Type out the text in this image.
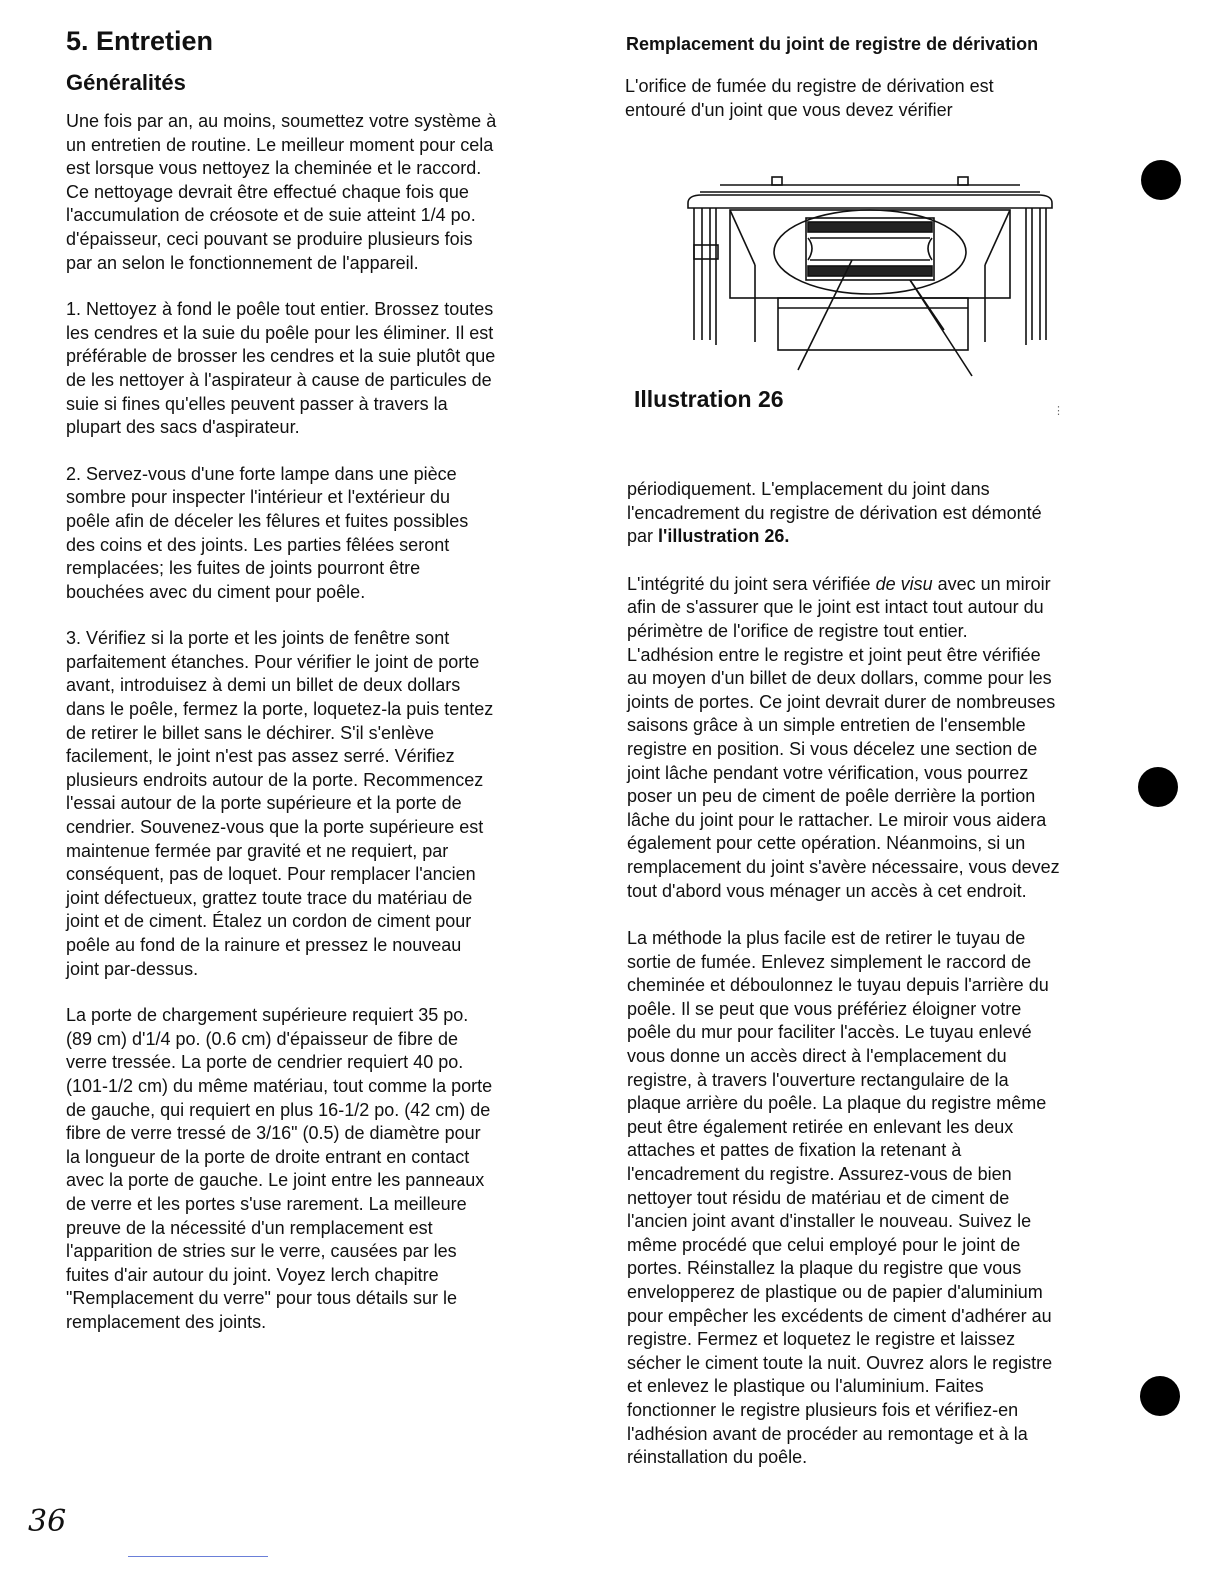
5. Entretien
Généralités

Une fois par an, au moins, soumettez votre système à
un entretien de routine. Le meilleur moment pour cela
est lorsque vous nettoyez la cheminée et le raccord.
Ce nettoyage devrait être effectué chaque fois que
l'accumulation de créosote et de suie atteint 1/4 po.
d'épaisseur, ceci pouvant se produire plusieurs fois
par an selon le fonctionnement de l'appareil.

1. Nettoyez à fond le poêle tout entier. Brossez toutes
les cendres et la suie du poêle pour les éliminer. Il est
préférable de brosser les cendres et la suie plutôt que
de les nettoyer à l'aspirateur à cause de particules de
suie si fines qu'elles peuvent passer à travers la
plupart des sacs d'aspirateur.

2. Servez-vous d'une forte lampe dans une pièce
sombre pour inspecter l'intérieur et l'extérieur du
poêle afin de déceler les fêlures et fuites possibles
des coins et des joints. Les parties fêlées seront
remplacées; les fuites de joints pourront être
bouchées avec du ciment pour poêle.

3. Vérifiez si la porte et les joints de fenêtre sont
parfaitement étanches. Pour vérifier le joint de porte
avant, introduisez à demi un billet de deux dollars
dans le poêle, fermez la porte, loquetez-la puis tentez
de retirer le billet sans le déchirer. S'il s'enlève
facilement, le joint n'est pas assez serré. Vérifiez
plusieurs endroits autour de la porte. Recommencez
l'essai autour de la porte supérieure et la porte de
cendrier. Souvenez-vous que la porte supérieure est
maintenue fermée par gravité et ne requiert, par
conséquent, pas de loquet. Pour remplacer l'ancien
joint défectueux, grattez toute trace du matériau de
joint et de ciment. Étalez un cordon de ciment pour
poêle au fond de la rainure et pressez le nouveau
joint par-dessus.

La porte de chargement supérieure requiert 35 po.
(89 cm) d'1/4 po. (0.6 cm) d'épaisseur de fibre de
verre tressée. La porte de cendrier requiert 40 po.
(101-1/2 cm) du même matériau, tout comme la porte
de gauche, qui requiert en plus 16-1/2 po. (42 cm) de
fibre de verre tressé de 3/16" (0.5) de diamètre pour
la longueur de la porte de droite entrant en contact
avec la porte de gauche. Le joint entre les panneaux
de verre et les portes s'use rarement. La meilleure
preuve de la nécessité d'un remplacement est
l'apparition de stries sur le verre, causées par les
fuites d'air autour du joint. Voyez lerch chapitre
"Remplacement du verre" pour tous détails sur le
remplacement des joints.

Remplacement du joint de registre de dérivation

L'orifice de fumée du registre de dérivation est
entouré d'un joint que vous devez vérifier

Illustration 26	⋮

périodiquement. L'emplacement du joint dans
l'encadrement du registre de dérivation est démonté
par l'illustration 26.

L'intégrité du joint sera vérifiée de visu avec un miroir
afin de s'assurer que le joint est intact tout autour du
périmètre de l'orifice de registre tout entier.
L'adhésion entre le registre et joint peut être vérifiée
au moyen d'un billet de deux dollars, comme pour les
joints de portes. Ce joint devrait durer de nombreuses
saisons grâce à un simple entretien de l'ensemble
registre en position. Si vous décelez une section de
joint lâche pendant votre vérification, vous pourrez
poser un peu de ciment de poêle derrière la portion
lâche du joint pour le rattacher. Le miroir vous aidera
également pour cette opération. Néanmoins, si un
remplacement du joint s'avère nécessaire, vous devez
tout d'abord vous ménager un accès à cet endroit.

La méthode la plus facile est de retirer le tuyau de
sortie de fumée. Enlevez simplement le raccord de
cheminée et déboulonnez le tuyau depuis l'arrière du
poêle. Il se peut que vous préfériez éloigner votre
poêle du mur pour faciliter l'accès. Le tuyau enlevé
vous donne un accès direct à l'emplacement du
registre, à travers l'ouverture rectangulaire de la
plaque arrière du poêle. La plaque du registre même
peut être également retirée en enlevant les deux
attaches et pattes de fixation la retenant à
l'encadrement du registre. Assurez-vous de bien
nettoyer tout résidu de matériau et de ciment de
l'ancien joint avant d'installer le nouveau. Suivez le
même procédé que celui employé pour le joint de
portes. Réinstallez la plaque du registre que vous
envelopperez de plastique ou de papier d'aluminium
pour empêcher les excédents de ciment d'adhérer au
registre. Fermez et loquetez le registre et laissez
sécher le ciment toute la nuit. Ouvrez alors le registre
et enlevez le plastique ou l'aluminium. Faites
fonctionner le registre plusieurs fois et vérifiez-en
l'adhésion avant de procéder au remontage et à la
réinstallation du poêle.

36
